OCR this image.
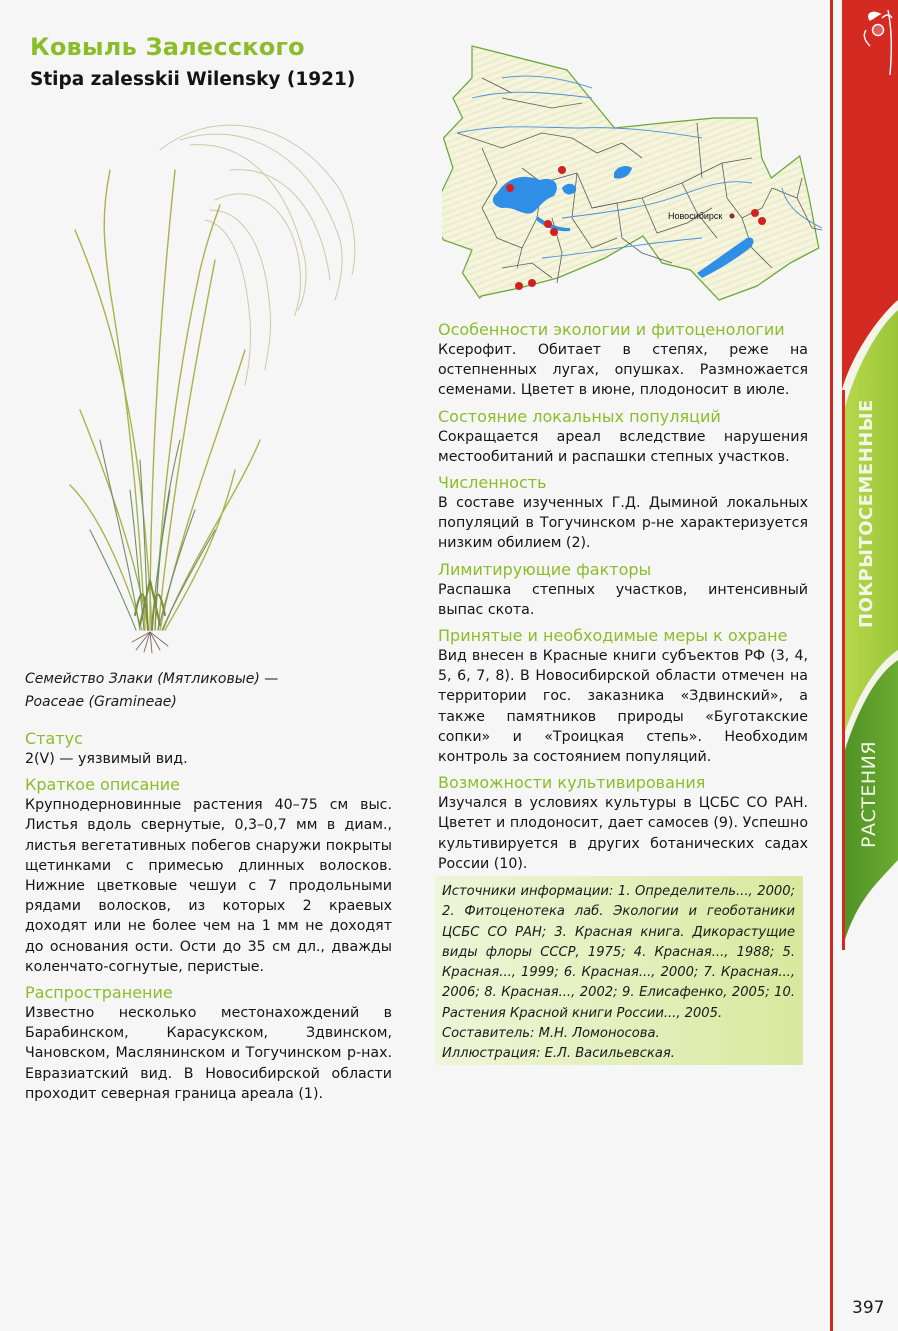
Ковыль Залесского
Stipa zalesskii Wilensky (1921)
Семейство Злаки (Мятликовые) —
Poaceae (Gramineae)
Статус
2(V) — уязвимый вид.
Краткое описание
Крупнодерновинные растения 40–75 см выс. Листья вдоль свернутые, 0,3–0,7 мм в диам., листья вегетативных побегов снаружи покрыты щетинками с примесью длинных волосков. Нижние цветковые чешуи с 7 продольными рядами волосков, из которых 2 краевых доходят или не более чем на 1 мм не доходят до основания ости. Ости до 35 см дл., дважды коленчато-согнутые, перистые.
Распространение
Известно несколько местонахождений в Барабинском, Карасукском, Здвинском, Чановском, Маслянинском и Тогучинском р-нах. Евразиатский вид. В Новосибирской области проходит северная граница ареала (1).
Новосибирск
Особенности экологии и фитоценологии
Ксерофит. Обитает в степях, реже на остепненных лугах, опушках. Размножается семенами. Цветет в июне, плодоносит в июле.
Состояние локальных популяций
Сокращается ареал вследствие нарушения местообитаний и распашки степных участков.
Численность
В составе изученных Г.Д. Дыминой локальных популяций в Тогучинском р-не характеризуется низким обилием (2).
Лимитирующие факторы
Распашка степных участков, интенсивный выпас скота.
Принятые и необходимые меры к охране
Вид внесен в Красные книги субъектов РФ (3, 4, 5, 6, 7, 8). В Новосибирской области отмечен на территории гос. заказника «Здвинский», а также памятников природы «Буготакские сопки» и «Троицкая степь». Необходим контроль за состоянием популяций.
Возможности культивирования
Изучался в условиях культуры в ЦСБС СО РАН. Цветет и плодоносит, дает самосев (9). Успешно культивируется в других ботанических садах России (10).
Источники информации: 1. Определитель..., 2000; 2. Фитоценотека лаб. Экологии и геоботаники ЦСБС СО РАН; 3. Красная книга. Дикорастущие виды флоры СССР, 1975; 4. Красная..., 1988; 5. Красная..., 1999; 6. Красная..., 2000; 7. Красная..., 2006; 8. Красная..., 2002; 9. Елисафенко, 2005; 10. Растения Красной книги России..., 2005.
Составитель: М.Н. Ломоносова.
Иллюстрация: Е.Л. Васильевская.
ПОКРЫТОСЕМЕННЫЕ
РАСТЕНИЯ
397
